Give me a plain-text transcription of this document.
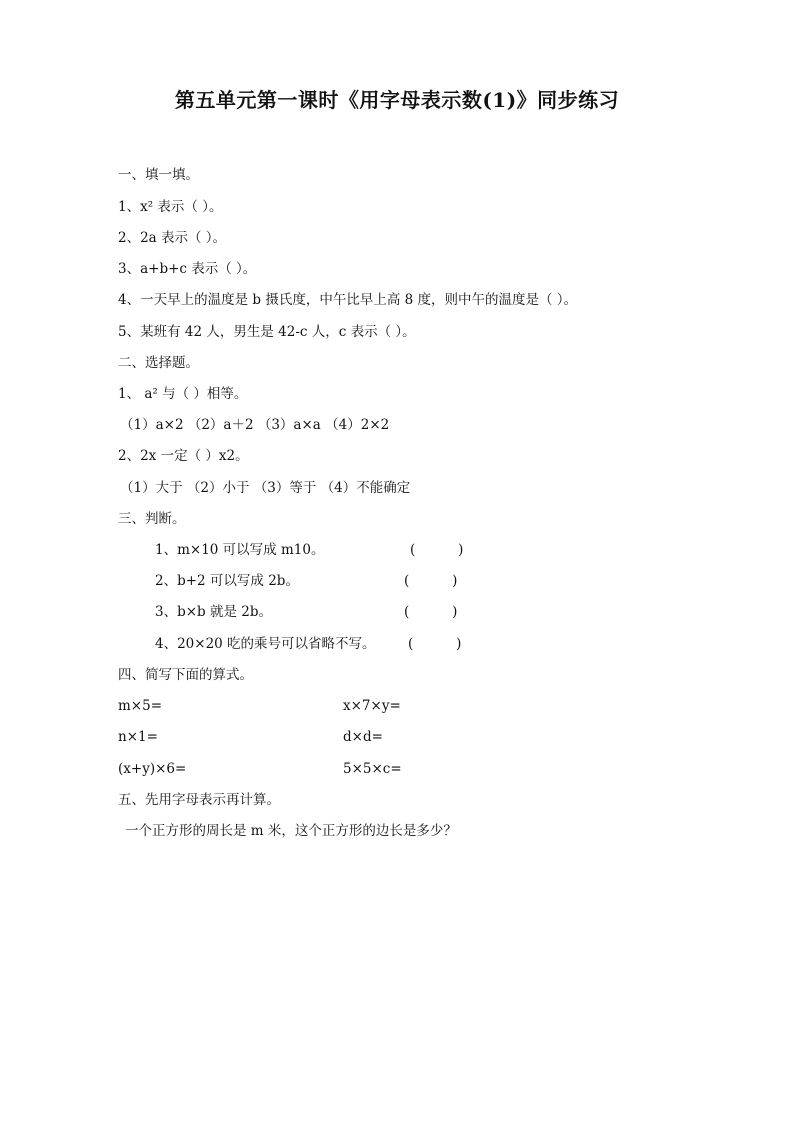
第五单元第一课时《用字母表示数(1)》同步练习
一、填一填。
1、x² 表示（ ）。
2、2a 表示（ ）。
3、a+b+c 表示（ ）。
4、一天早上的温度是 b 摄氏度，中午比早上高 8 度，则中午的温度是（ ）。
5、某班有 42 人，男生是 42-c 人，c 表示（ ）。
二、选择题。
1、 a² 与（ ）相等。
（1）a×2 （2）a＋2 （3）a×a （4）2×2
2、2x 一定（ ）x2。
（1）大于 （2）小于 （3）等于 （4）不能确定
三、判断。
1、m×10 可以写成 m10。	(          )
2、b+2 可以写成 2b。	(          )
3、b×b 就是 2b。	(          )
4、20×20 吃的乘号可以省略不写。 (          )
四、简写下面的算式。
m×5=	x×7×y=
n×1=	d×d=
(x+y)×6=	5×5×c=
五、先用字母表示再计算。
一个正方形的周长是 m 米，这个正方形的边长是多少？
